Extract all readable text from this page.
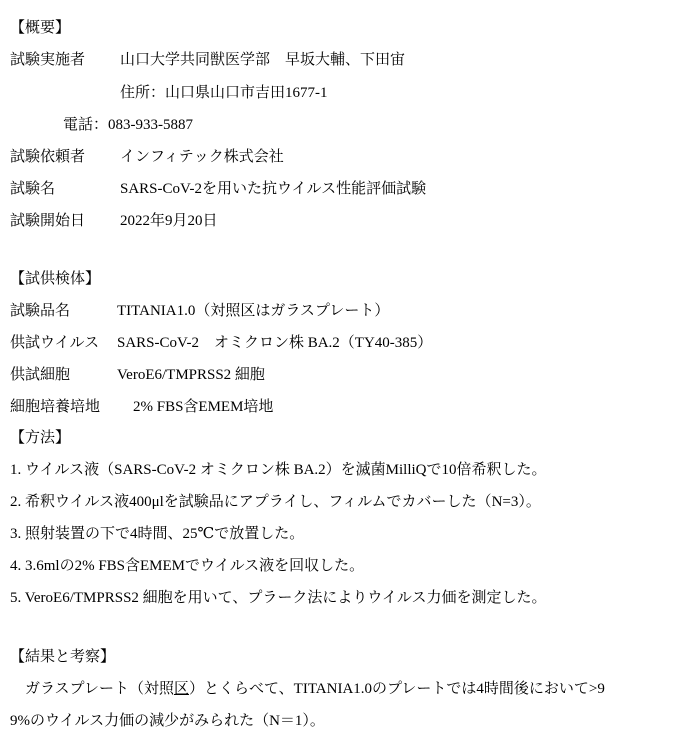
【概要】
試験実施者 山口大学共同獣医学部　早坂大輔、下田宙
住所：山口県山口市吉田1677-1
電話：083-933-5887
試験依頼者 インフィテック株式会社
試験名	SARS-CoV-2を用いた抗ウイルス性能評価試験
試験開始日 2022年9月20日
【試供検体】
試験品名	TITANIA1.0（対照区はガラスプレート）
供試ウイルス SARS-CoV-2　オミクロン株 BA.2（TY40-385）
供試細胞	VeroE6/TMPRSS2 細胞
細胞培養培地 2% FBS含EMEM培地
【方法】
1. ウイルス液（SARS-CoV-2 オミクロン株 BA.2）を滅菌MilliQで10倍希釈した。
2. 希釈ウイルス液400μlを試験品にアプライし、フィルムでカバーした（N=3）。
3. 照射装置の下で4時間、25℃で放置した。
4. 3.6mlの2% FBS含EMEMでウイルス液を回収した。
5. VeroE6/TMPRSS2 細胞を用いて、プラーク法によりウイルス力価を測定した。
【結果と考察】
　ガラスプレート（対照区）とくらべて、TITANIA1.0のプレートでは4時間後において>9
9%のウイルス力価の減少がみられた（N＝1）。
